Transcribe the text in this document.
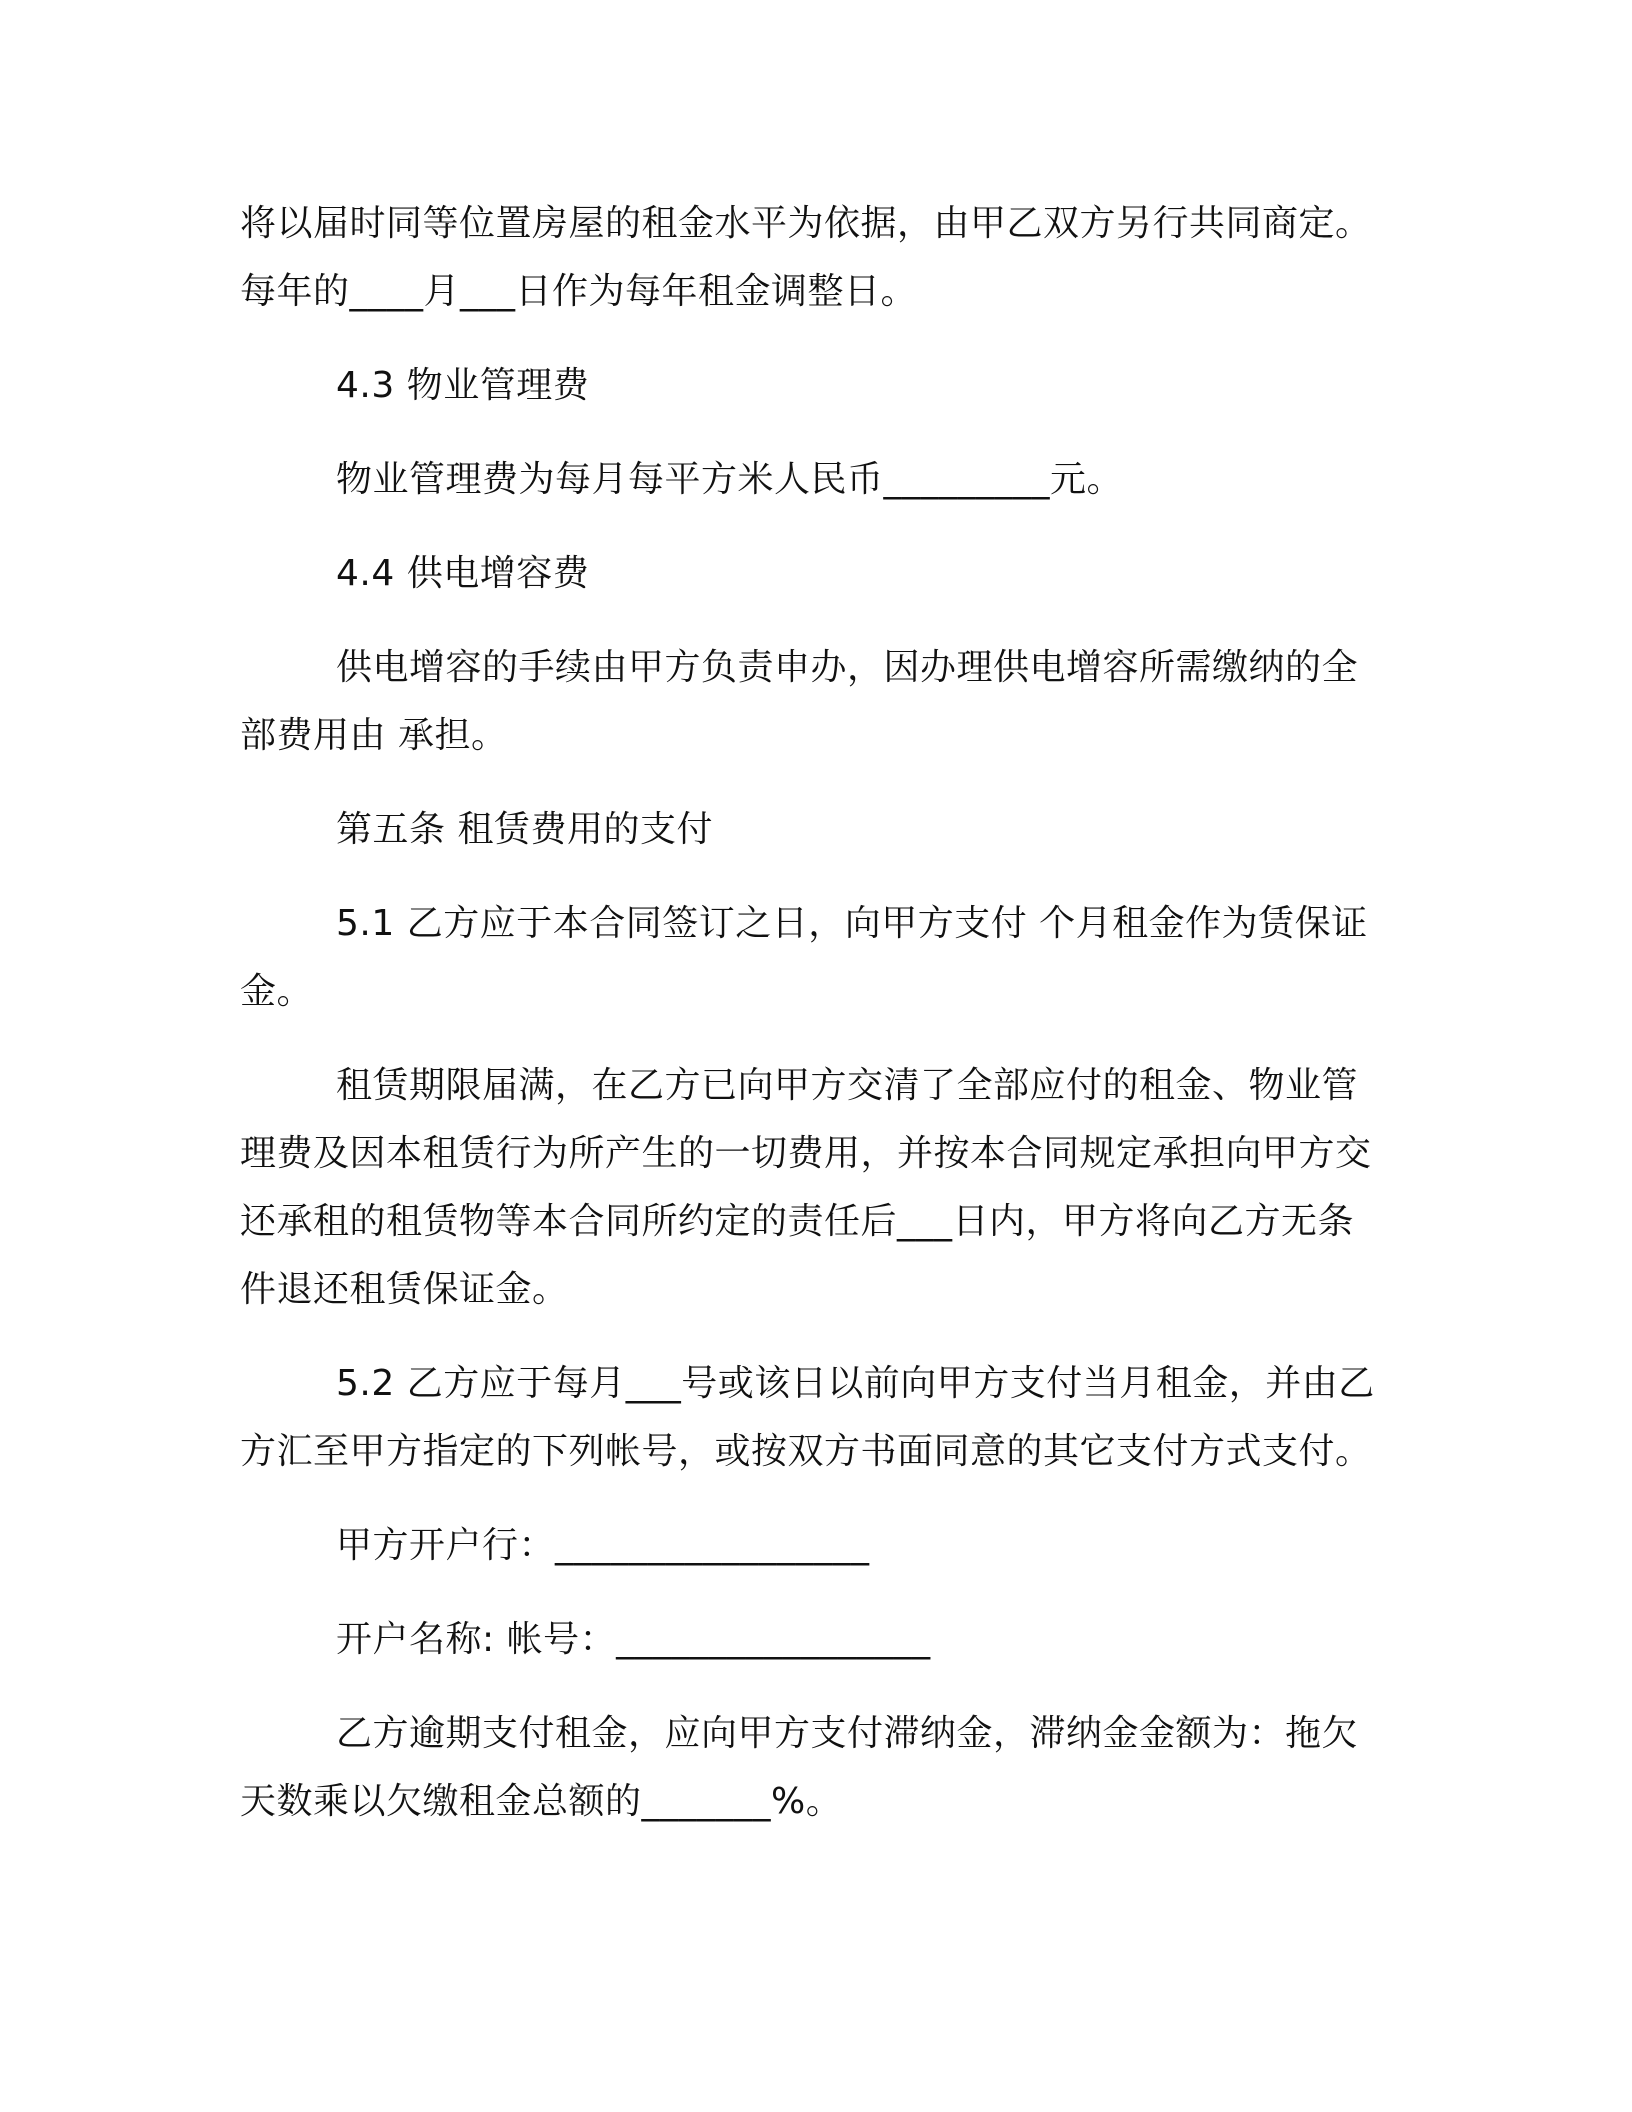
将以届时同等位置房屋的租金水平为依据，由甲乙双方另行共同商定。每年的____月___日作为每年租金调整日。

4.3 物业管理费

物业管理费为每月每平方米人民币_________元。

4.4 供电增容费

供电增容的手续由甲方负责申办，因办理供电增容所需缴纳的全部费用由 承担。

第五条 租赁费用的支付

5.1 乙方应于本合同签订之日，向甲方支付 个月租金作为赁保证金。

租赁期限届满，在乙方已向甲方交清了全部应付的租金、物业管理费及因本租赁行为所产生的一切费用，并按本合同规定承担向甲方交还承租的租赁物等本合同所约定的责任后___日内，甲方将向乙方无条件退还租赁保证金。

5.2 乙方应于每月___号或该日以前向甲方支付当月租金，并由乙方汇至甲方指定的下列帐号，或按双方书面同意的其它支付方式支付。

甲方开户行：_________________

开户名称: 帐号：_________________

乙方逾期支付租金，应向甲方支付滞纳金，滞纳金金额为：拖欠天数乘以欠缴租金总额的_______%。
